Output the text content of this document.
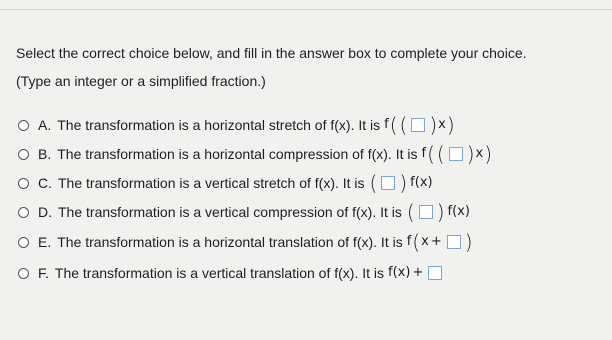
Select the correct choice below, and fill in the answer box to complete your choice.

(Type an integer or a simplified fraction.)

A. The transformation is a horizontal stretch of f(x). It is f ( ( ) x )
B. The transformation is a horizontal compression of f(x). It is f ( ( ) x )
C. The transformation is a vertical stretch of f(x). It is ( ) f(x)
D. The transformation is a vertical compression of f(x). It is ( ) f(x)
E. The transformation is a horizontal translation of f(x). It is f ( x + )
F. The transformation is a vertical translation of f(x). It is f(x) +
